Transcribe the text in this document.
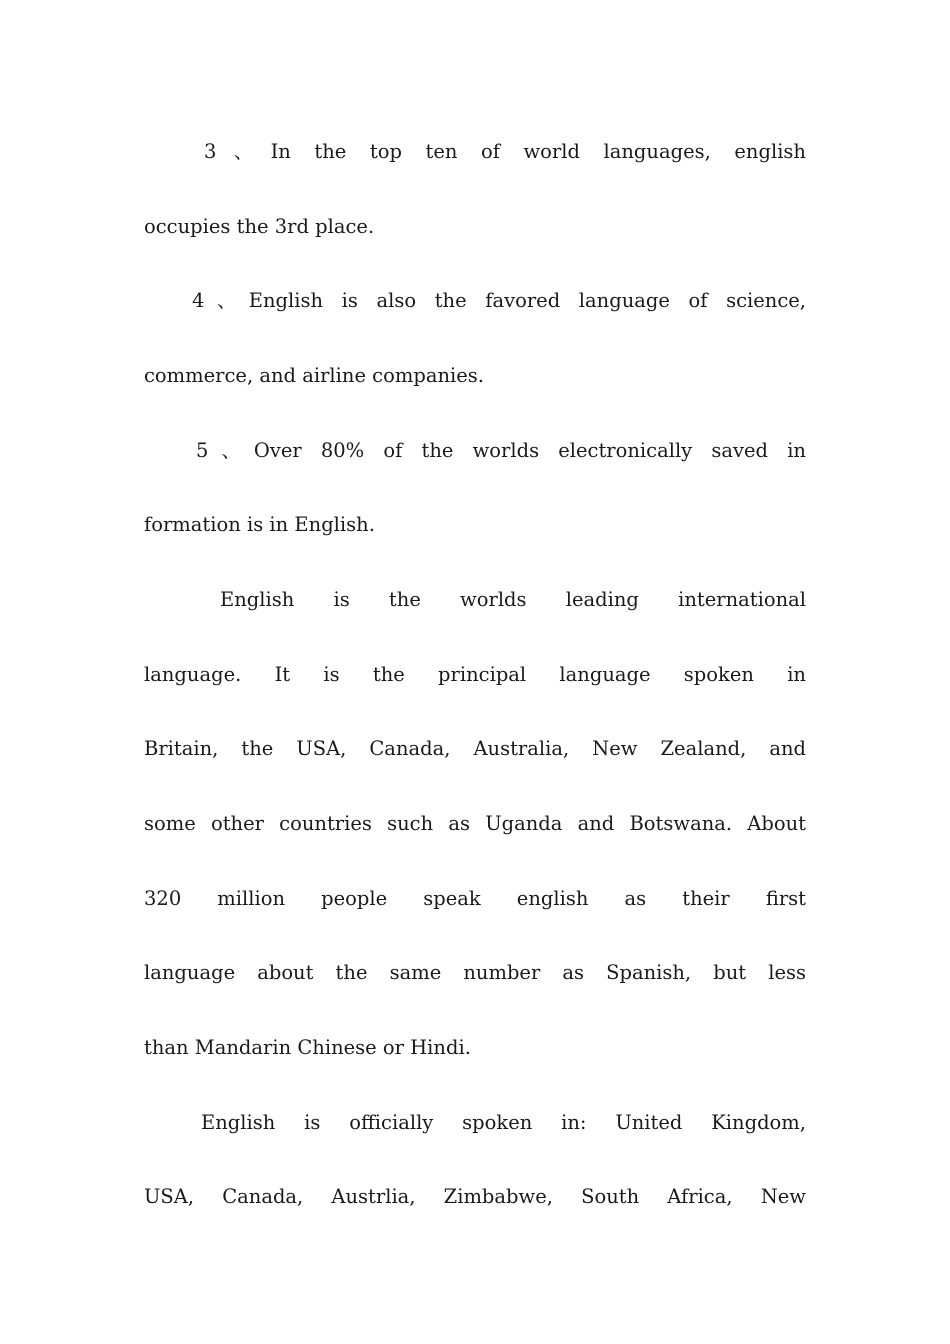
3、In the top ten of world languages, english
occupies the 3rd place.
4、English is also the favored language of science,
commerce, and airline companies.
5、Over 80% of the worlds electronically saved in
formation is in English.
English is the worlds leading international
language. It is the principal language spoken in
Britain, the USA, Canada, Australia, New Zealand, and
some other countries such as Uganda and Botswana. About
320 million people speak english as their first
language about the same number as Spanish, but less
than Mandarin Chinese or Hindi.
English is officially spoken in: United Kingdom,
USA, Canada, Austrlia, Zimbabwe, South Africa, New
